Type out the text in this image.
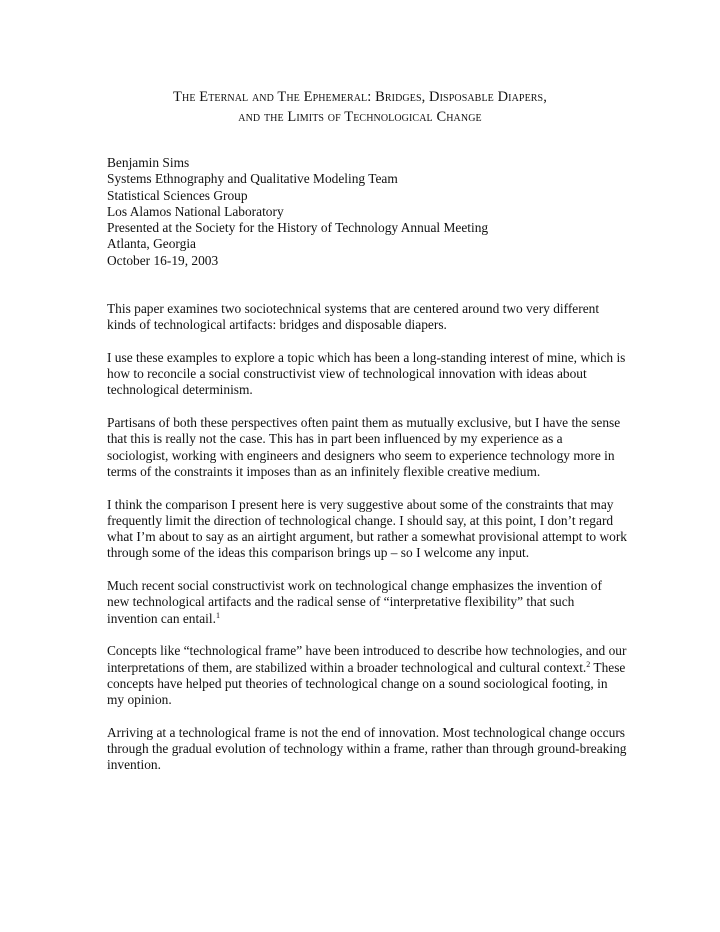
The Eternal and The Ephemeral: Bridges, Disposable Diapers,
and the Limits of Technological Change
Benjamin Sims
Systems Ethnography and Qualitative Modeling Team
Statistical Sciences Group
Los Alamos National Laboratory
Presented at the Society for the History of Technology Annual Meeting
Atlanta, Georgia
October 16-19, 2003

This paper examines two sociotechnical systems that are centered around two very different kinds of technological artifacts: bridges and disposable diapers.

I use these examples to explore a topic which has been a long-standing interest of mine, which is how to reconcile a social constructivist view of technological innovation with ideas about technological determinism.

Partisans of both these perspectives often paint them as mutually exclusive, but I have the sense that this is really not the case. This has in part been influenced by my experience as a sociologist, working with engineers and designers who seem to experience technology more in terms of the constraints it imposes than as an infinitely flexible creative medium.

I think the comparison I present here is very suggestive about some of the constraints that may frequently limit the direction of technological change. I should say, at this point, I don’t regard what I’m about to say as an airtight argument, but rather a somewhat provisional attempt to work through some of the ideas this comparison brings up – so I welcome any input.

Much recent social constructivist work on technological change emphasizes the invention of new technological artifacts and the radical sense of “interpretative flexibility” that such invention can entail.$^1$

Concepts like “technological frame” have been introduced to describe how technologies, and our interpretations of them, are stabilized within a broader technological and cultural context.$^2$ These concepts have helped put theories of technological change on a sound sociological footing, in my opinion.

Arriving at a technological frame is not the end of innovation. Most technological change occurs through the gradual evolution of technology within a frame, rather than through ground-breaking invention.
